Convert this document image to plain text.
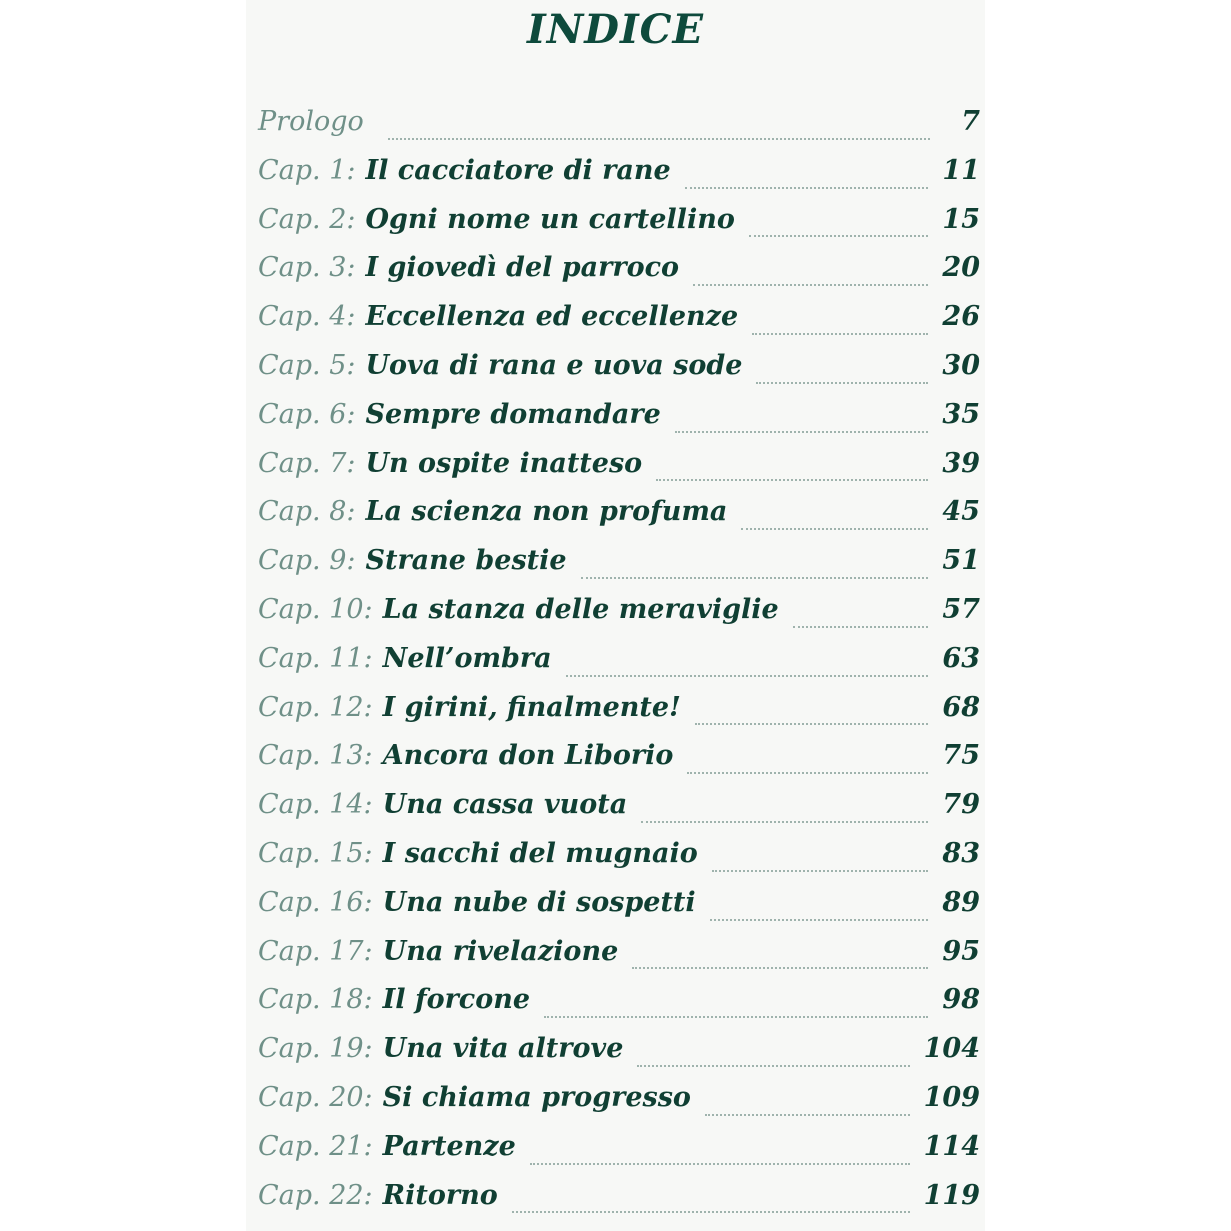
INDICE
Prologo	7
Cap. 1: Il cacciatore di rane	11
Cap. 2: Ogni nome un cartellino	15
Cap. 3: I giovedì del parroco	20
Cap. 4: Eccellenza ed eccellenze	26
Cap. 5: Uova di rana e uova sode	30
Cap. 6: Sempre domandare	35
Cap. 7: Un ospite inatteso	39
Cap. 8: La scienza non profuma	45
Cap. 9: Strane bestie	51
Cap. 10: La stanza delle meraviglie	57
Cap. 11: Nell’ombra	63
Cap. 12: I girini, finalmente!	68
Cap. 13: Ancora don Liborio	75
Cap. 14: Una cassa vuota	79
Cap. 15: I sacchi del mugnaio	83
Cap. 16: Una nube di sospetti	89
Cap. 17: Una rivelazione	95
Cap. 18: Il forcone	98
Cap. 19: Una vita altrove	104
Cap. 20: Si chiama progresso	109
Cap. 21: Partenze	114
Cap. 22: Ritorno	119
